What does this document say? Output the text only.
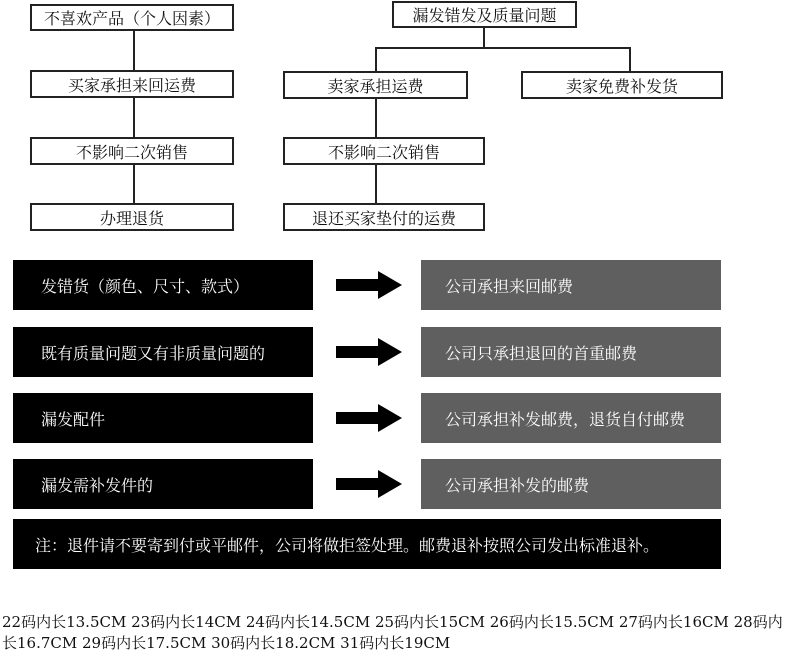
不喜欢产品（个人因素）
买家承担来回运费
不影响二次销售
办理退货
漏发错发及质量问题
卖家承担运费	卖家免费补发货
不影响二次销售
退还买家垫付的运费
发错货（颜色、尺寸、款式）	公司承担来回邮费
既有质量问题又有非质量问题的	公司只承担退回的首重邮费
漏发配件	公司承担补发邮费，退货自付邮费
漏发需补发件的	公司承担补发的邮费
注：退件请不要寄到付或平邮件，公司将做拒签处理。邮费退补按照公司发出标准退补。
22码内长13.5CM 23码内长14CM 24码内长14.5CM 25码内长15CM 26码内长15.5CM 27码内长16CM 28码内长16.7CM 29码内长17.5CM 30码内长18.2CM 31码内长19CM
